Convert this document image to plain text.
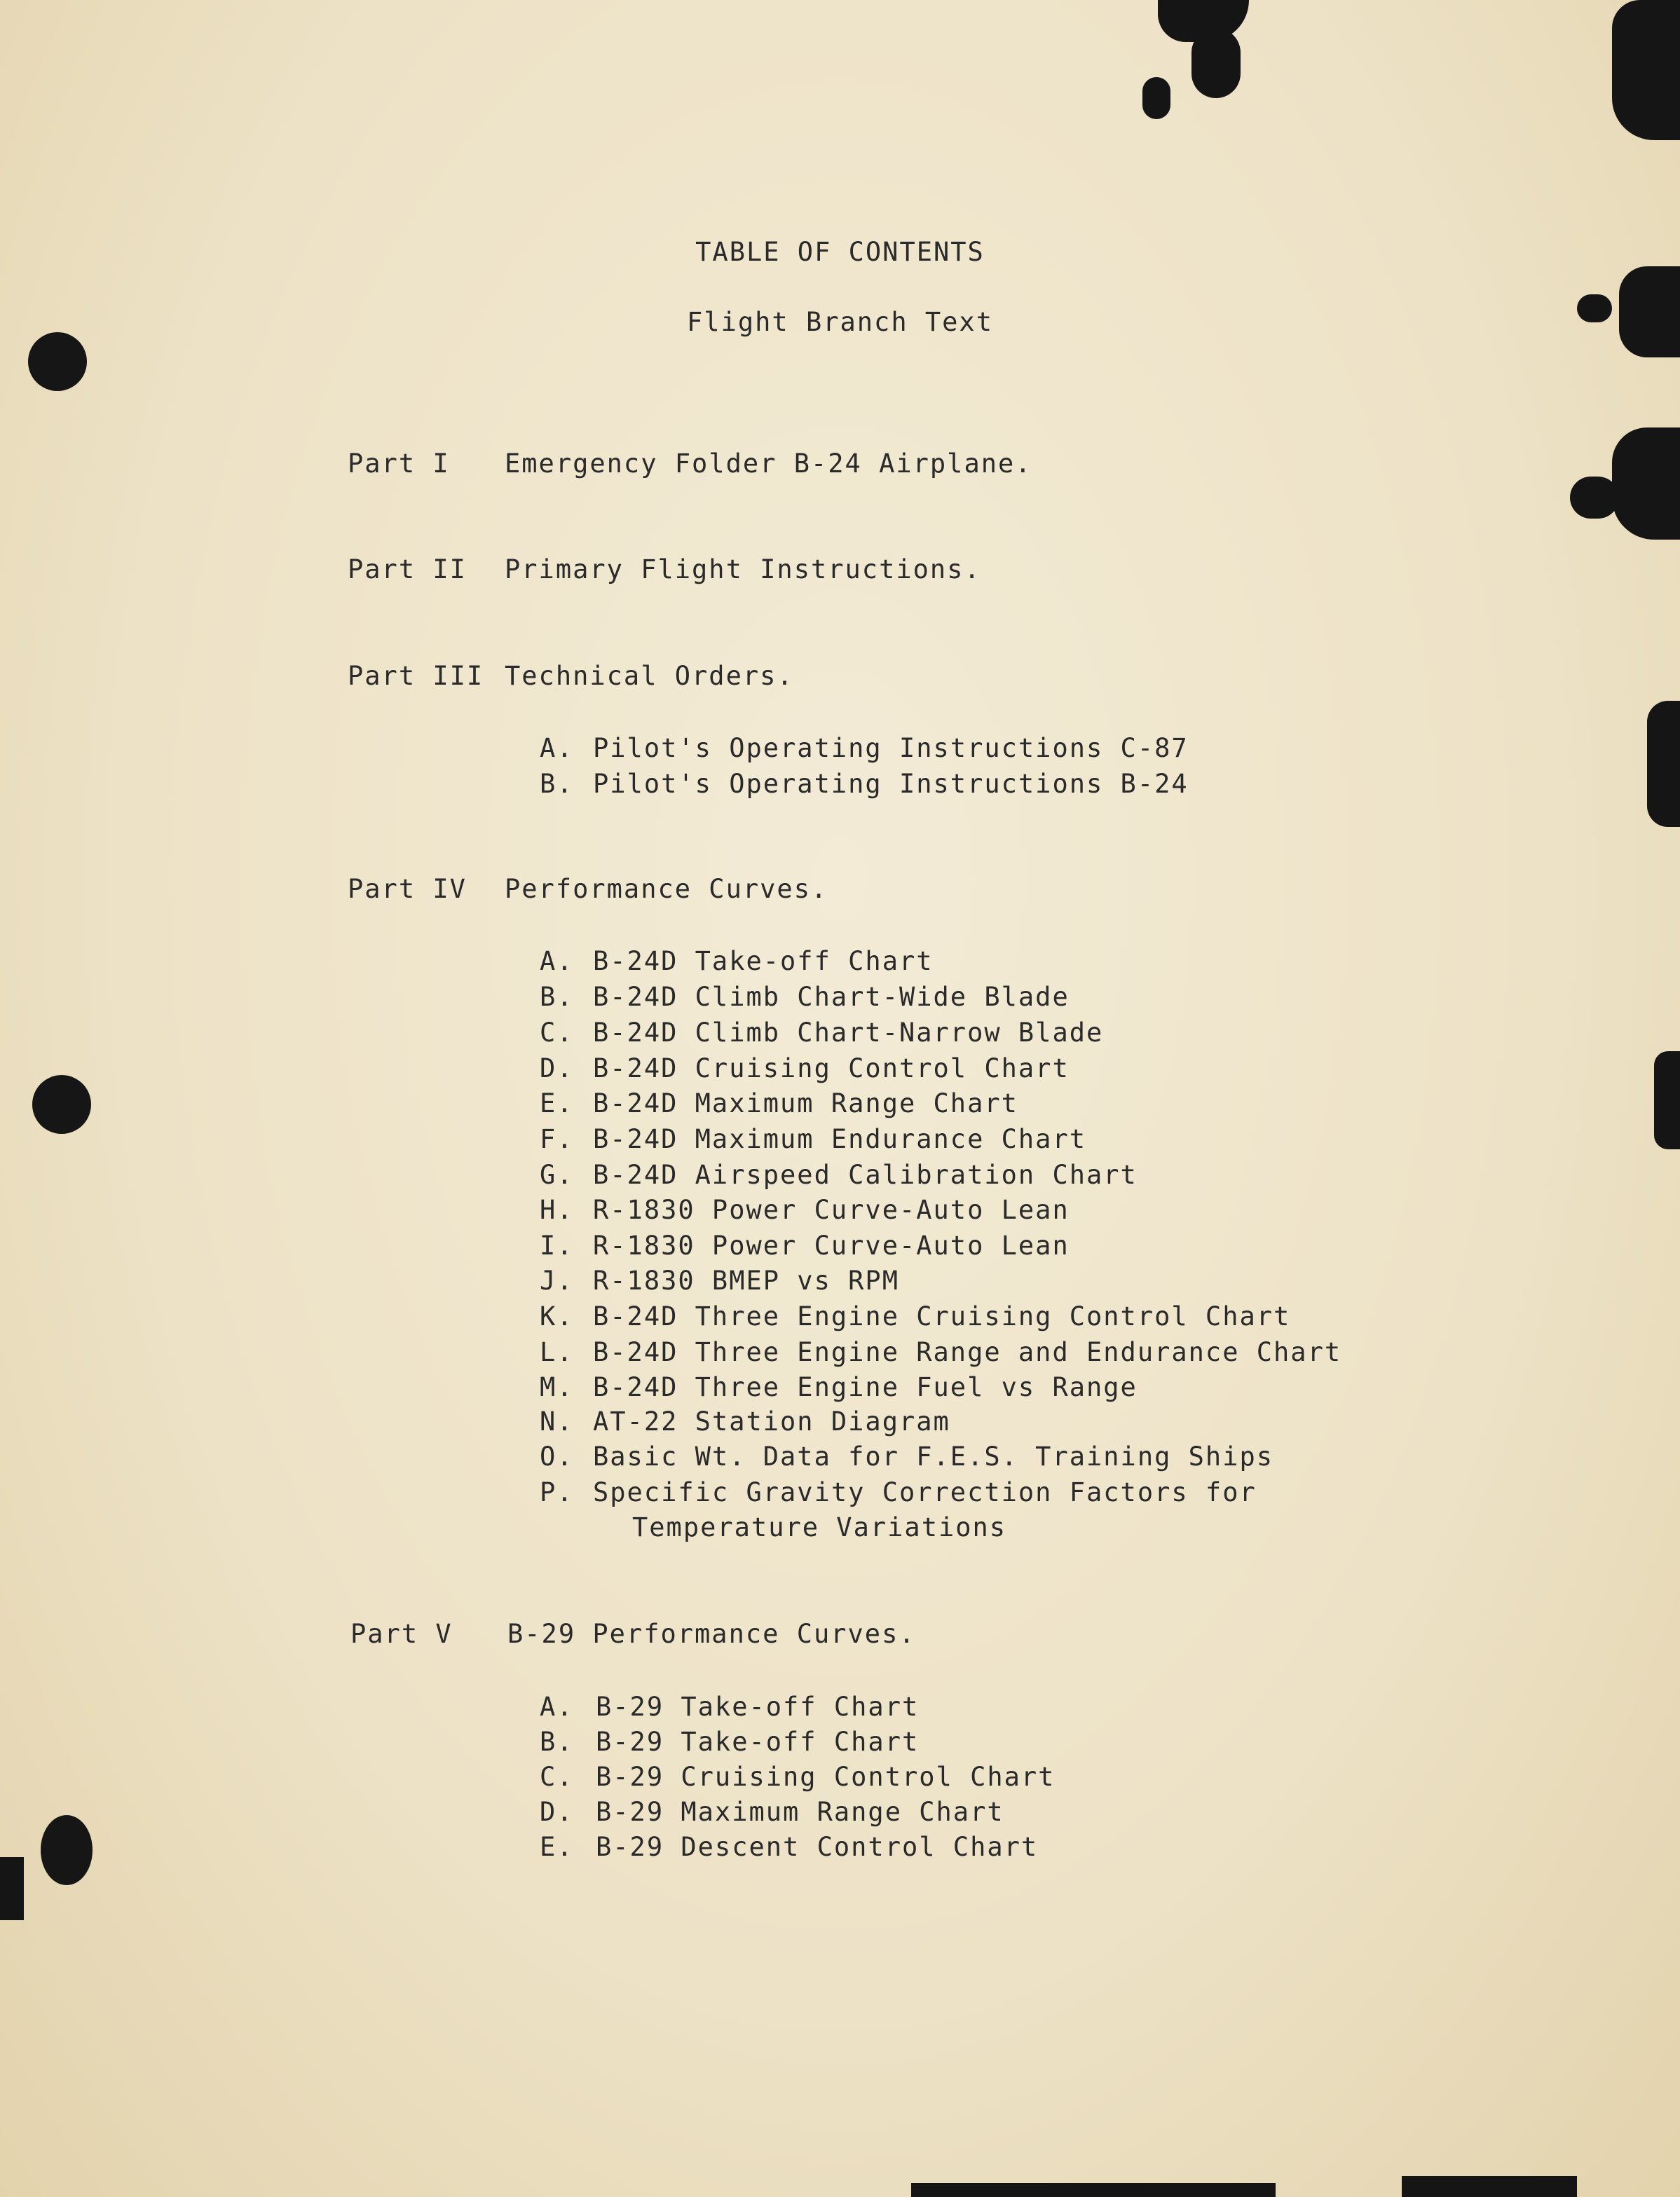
TABLE OF CONTENTS
Flight Branch Text
Part I Emergency Folder B-24 Airplane.
Part II Primary Flight Instructions.
Part III Technical Orders.
A. Pilot's Operating Instructions C-87
B. Pilot's Operating Instructions B-24
Part IV Performance Curves.
A. B-24D Take-off Chart
B. B-24D Climb Chart-Wide Blade
C. B-24D Climb Chart-Narrow Blade
D. B-24D Cruising Control Chart
E. B-24D Maximum Range Chart
F. B-24D Maximum Endurance Chart
G. B-24D Airspeed Calibration Chart
H. R-1830 Power Curve-Auto Lean
I. R-1830 Power Curve-Auto Lean
J. R-1830 BMEP vs RPM
K. B-24D Three Engine Cruising Control Chart
L. B-24D Three Engine Range and Endurance Chart
M. B-24D Three Engine Fuel vs Range
N. AT-22 Station Diagram
O. Basic Wt. Data for F.E.S. Training Ships
P. Specific Gravity Correction Factors for
Temperature Variations
Part V B-29 Performance Curves.
A. B-29 Take-off Chart
B. B-29 Take-off Chart
C. B-29 Cruising Control Chart
D. B-29 Maximum Range Chart
E. B-29 Descent Control Chart
